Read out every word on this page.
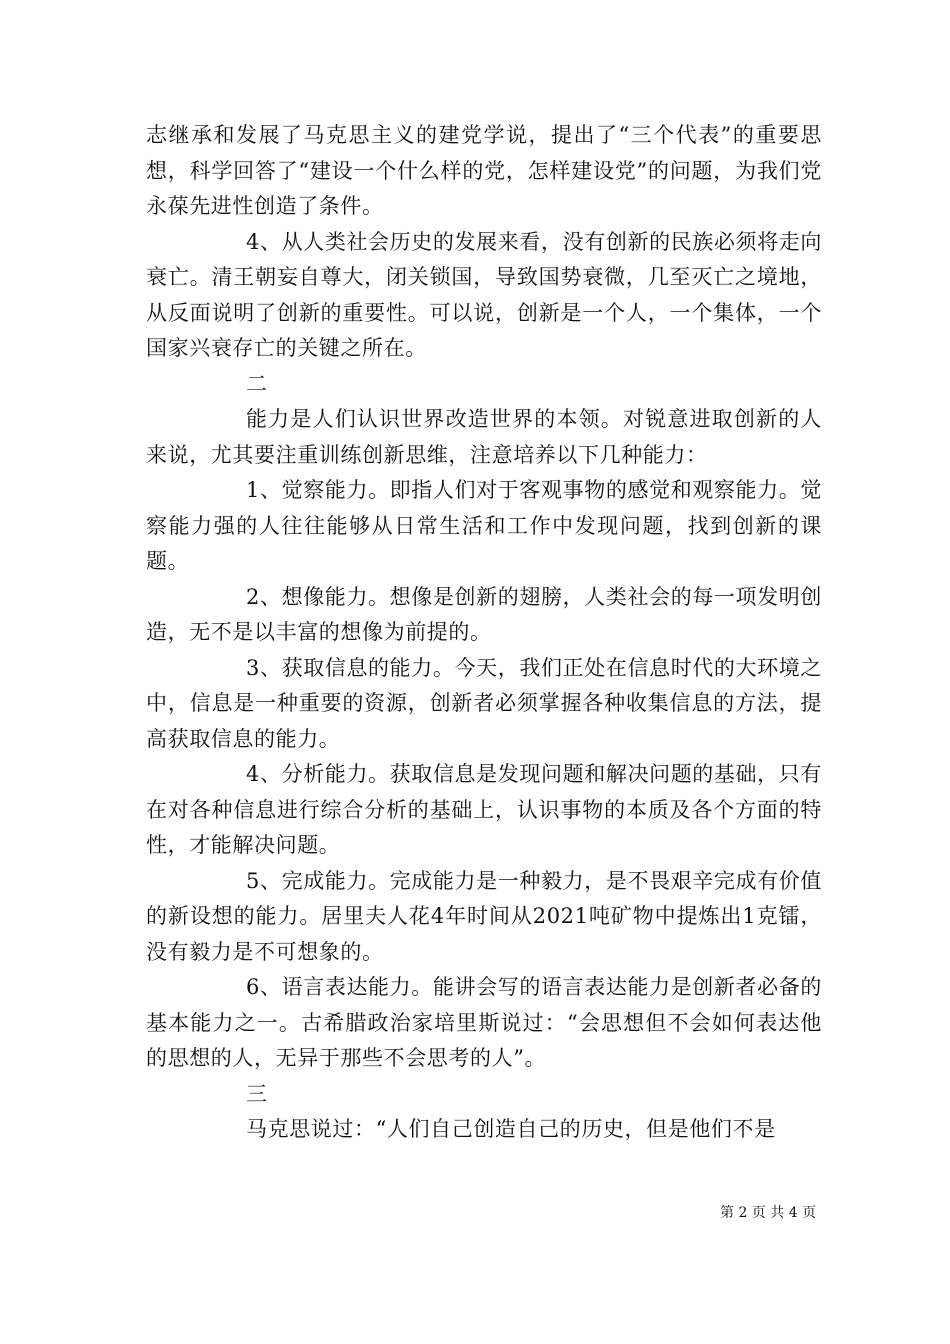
志继承和发展了马克思主义的建党学说，提出了“三个代表”的重要思想，科学回答了“建设一个什么样的党，怎样建设党”的问题，为我们党永葆先进性创造了条件。

4、从人类社会历史的发展来看，没有创新的民族必须将走向衰亡。清王朝妄自尊大，闭关锁国，导致国势衰微，几至灭亡之境地，从反面说明了创新的重要性。可以说，创新是一个人，一个集体，一个国家兴衰存亡的关键之所在。

二

能力是人们认识世界改造世界的本领。对锐意进取创新的人来说，尤其要注重训练创新思维，注意培养以下几种能力：

1、觉察能力。即指人们对于客观事物的感觉和观察能力。觉察能力强的人往往能够从日常生活和工作中发现问题，找到创新的课题。

2、想像能力。想像是创新的翅膀，人类社会的每一项发明创造，无不是以丰富的想像为前提的。

3、获取信息的能力。今天，我们正处在信息时代的大环境之中，信息是一种重要的资源，创新者必须掌握各种收集信息的方法，提高获取信息的能力。

4、分析能力。获取信息是发现问题和解决问题的基础，只有在对各种信息进行综合分析的基础上，认识事物的本质及各个方面的特性，才能解决问题。

5、完成能力。完成能力是一种毅力，是不畏艰辛完成有价值的新设想的能力。居里夫人花4年时间从2021吨矿物中提炼出1克镭，没有毅力是不可想象的。

6、语言表达能力。能讲会写的语言表达能力是创新者必备的基本能力之一。古希腊政治家培里斯说过：“会思想但不会如何表达他的思想的人，无异于那些不会思考的人”。

三

马克思说过：“人们自己创造自己的历史，但是他们不是

第 2 页 共 4 页
